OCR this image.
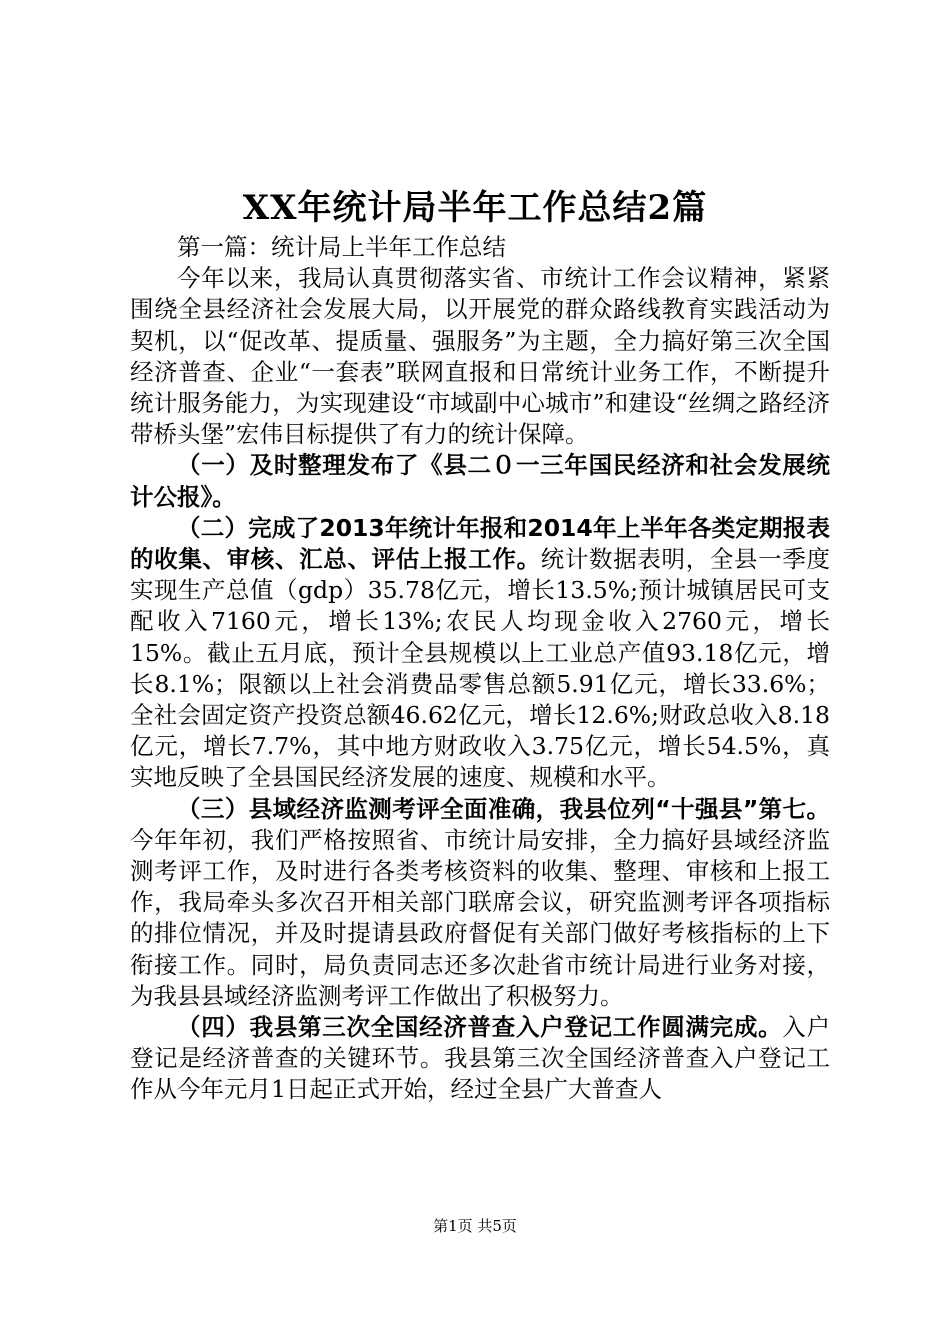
XX年统计局半年工作总结2篇

第一篇：统计局上半年工作总结

今年以来，我局认真贯彻落实省、市统计工作会议精神，紧紧围绕全县经济社会发展大局，以开展党的群众路线教育实践活动为契机，以“促改革、提质量、强服务”为主题，全力搞好第三次全国经济普查、企业“一套表”联网直报和日常统计业务工作，不断提升统计服务能力，为实现建设“市域副中心城市”和建设“丝绸之路经济带桥头堡”宏伟目标提供了有力的统计保障。

（一）及时整理发布了《县二０一三年国民经济和社会发展统计公报》。

（二）完成了2013年统计年报和2014年上半年各类定期报表的收集、审核、汇总、评估上报工作。统计数据表明，全县一季度实现生产总值（gdp）35.78亿元，增长13.5%;预计城镇居民可支配收入7160元，增长13%;农民人均现金收入2760元，增长15%。截止五月底，预计全县规模以上工业总产值93.18亿元，增长8.1%；限额以上社会消费品零售总额5.91亿元，增长33.6%；全社会固定资产投资总额46.62亿元，增长12.6%;财政总收入8.18亿元，增长7.7%，其中地方财政收入3.75亿元，增长54.5%，真实地反映了全县国民经济发展的速度、规模和水平。

（三）县域经济监测考评全面准确，我县位列“十强县”第七。今年年初，我们严格按照省、市统计局安排，全力搞好县域经济监测考评工作，及时进行各类考核资料的收集、整理、审核和上报工作，我局牵头多次召开相关部门联席会议，研究监测考评各项指标的排位情况，并及时提请县政府督促有关部门做好考核指标的上下衔接工作。同时，局负责同志还多次赴省市统计局进行业务对接，为我县县域经济监测考评工作做出了积极努力。

（四）我县第三次全国经济普查入户登记工作圆满完成。入户登记是经济普查的关键环节。我县第三次全国经济普查入户登记工作从今年元月1日起正式开始，经过全县广大普查人

第1页 共5页
